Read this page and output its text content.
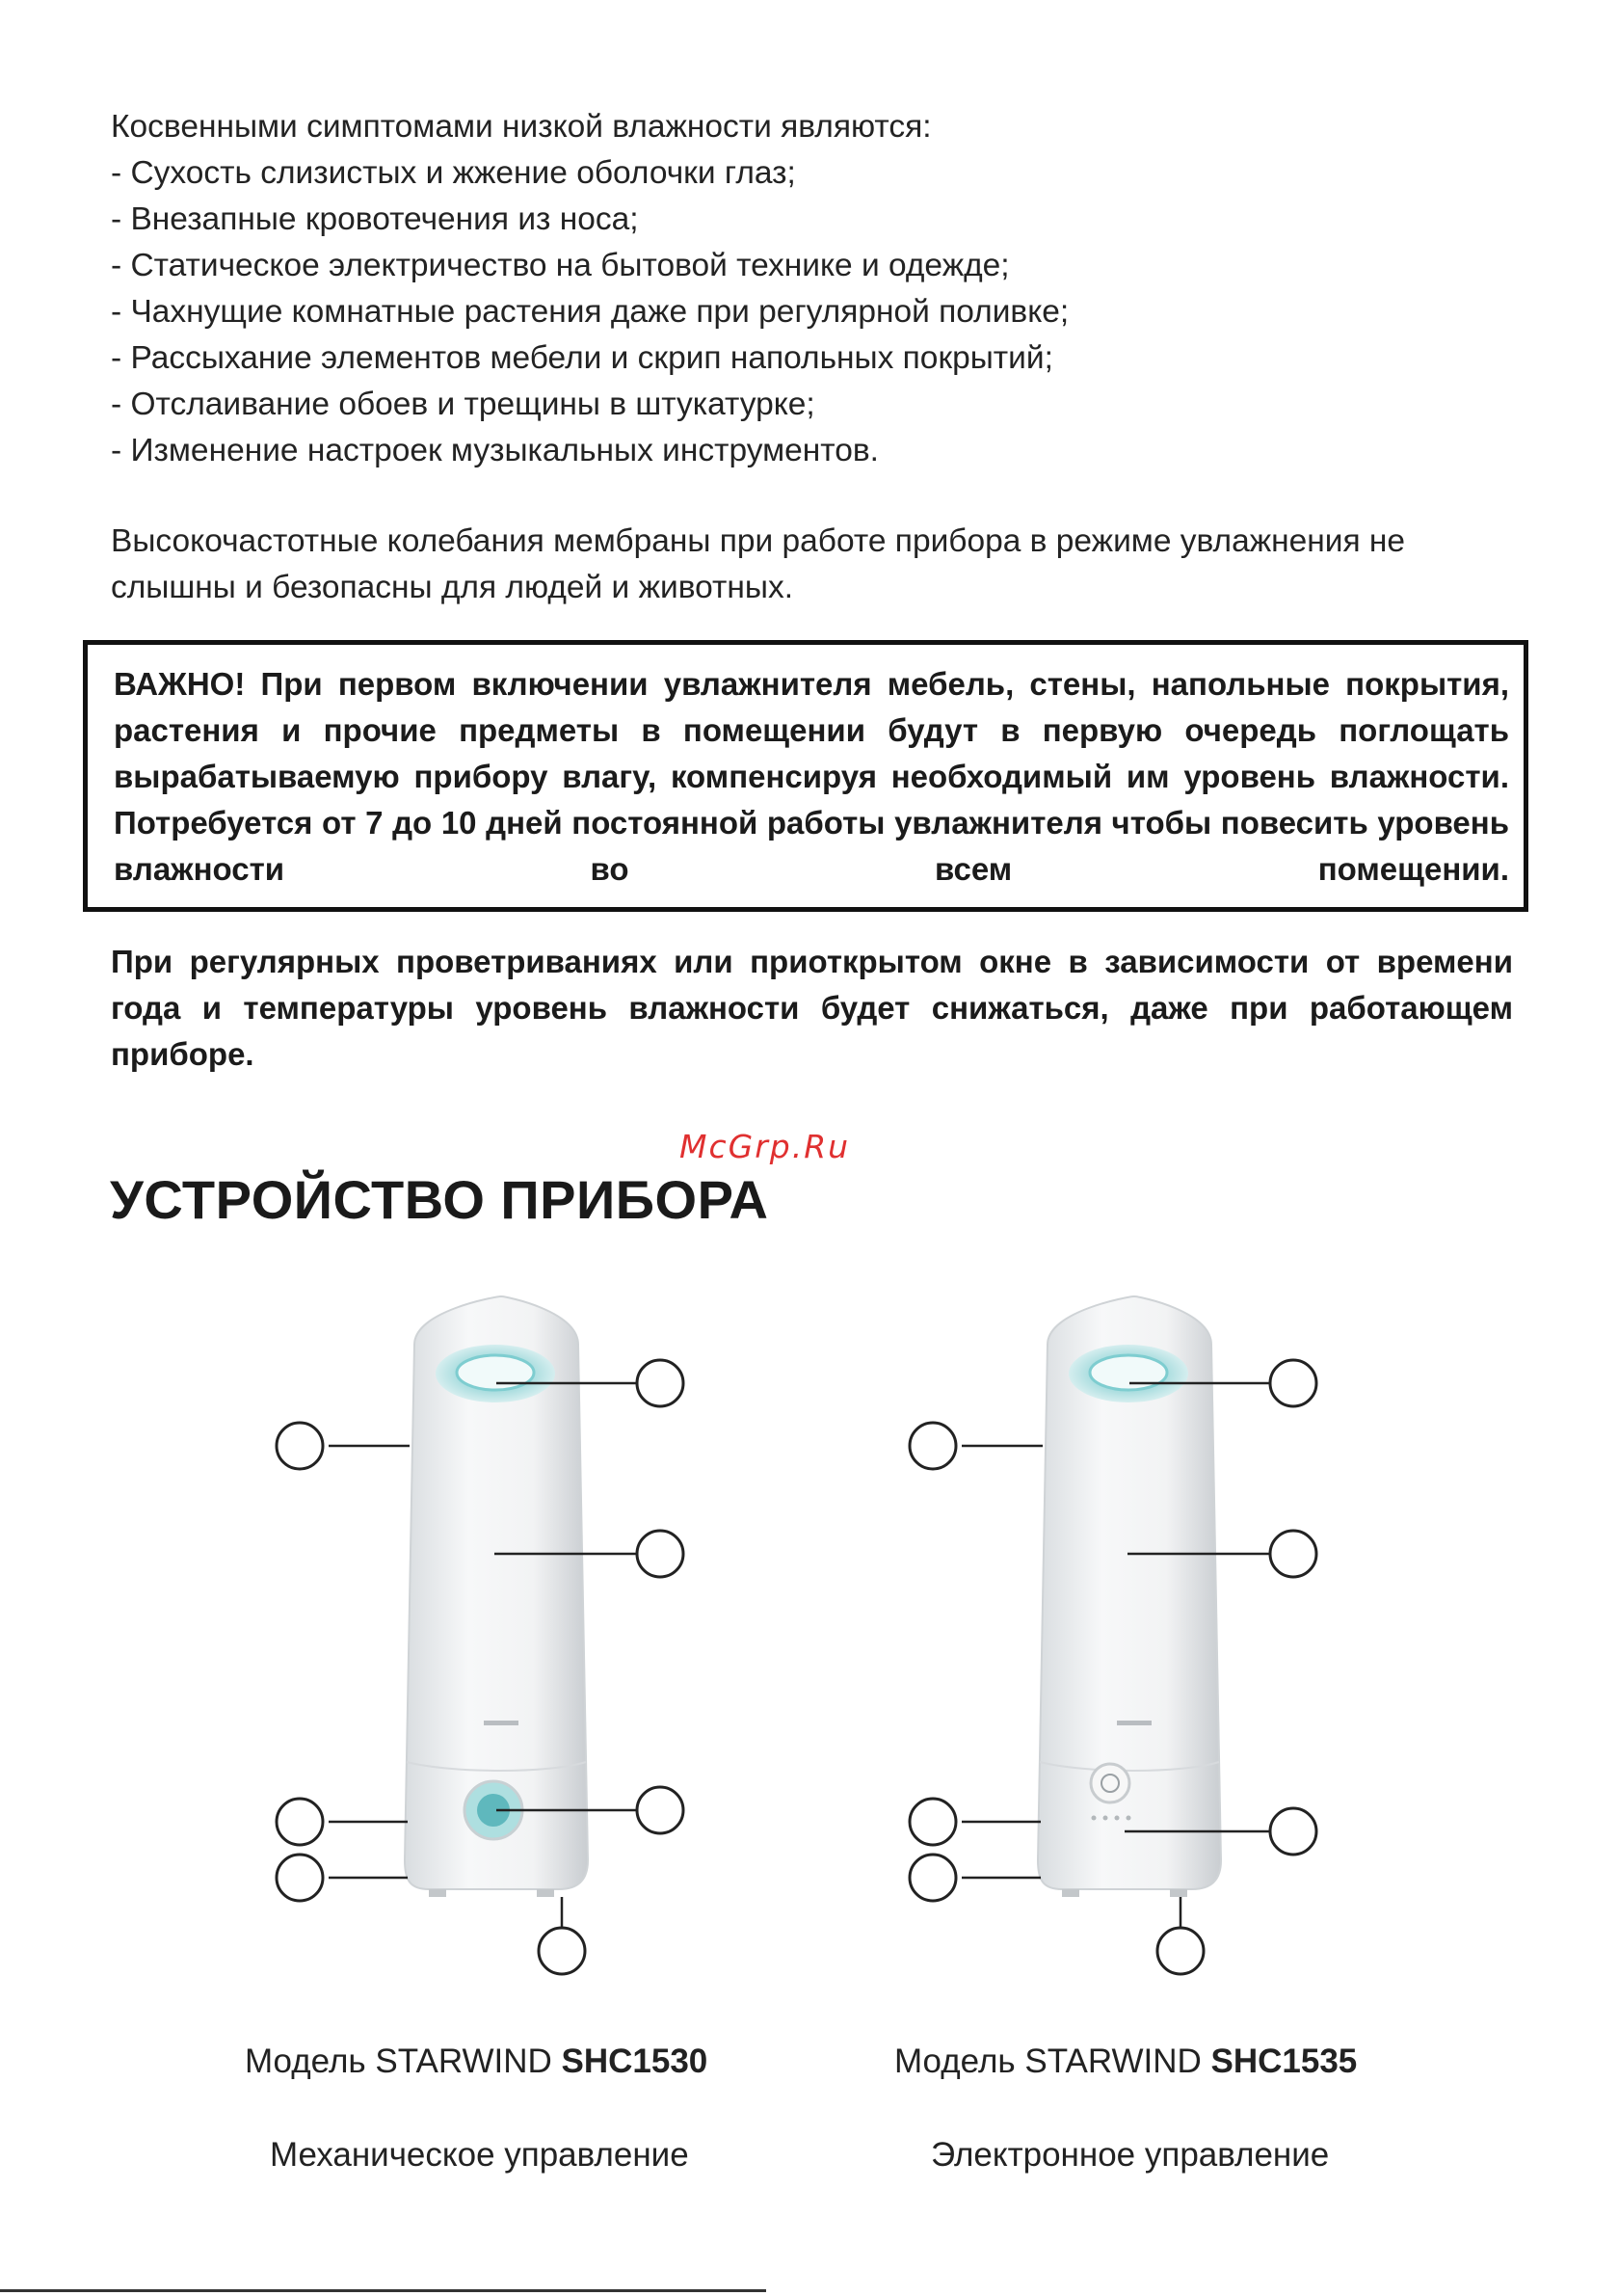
Косвенными симптомами низкой влажности являются:
- Сухость слизистых и жжение оболочки глаз;
- Внезапные кровотечения из носа;
- Статическое электричество на бытовой технике и одежде;
- Чахнущие комнатные растения даже при регулярной поливке;
- Рассыхание элементов мебели и скрип напольных покрытий;
- Отслаивание обоев и трещины в штукатурке;
- Изменение настроек музыкальных инструментов.
Высокочастотные колебания мембраны при работе прибора в режиме увлажнения не слышны и безопасны для людей и животных.
ВАЖНО! При первом включении увлажнителя мебель, стены, напольные покрытия, растения и прочие предметы в помещении будут в первую очередь поглощать вырабатываемую прибору влагу, компенсируя необходимый им уровень влажности. Потребуется от 7 до 10 дней постоянной работы увлажнителя чтобы повесить уровень влажности во всем помещении.
При регулярных проветриваниях или приоткрытом окне в зависимости от времени года и температуры уровень влажности будет снижаться, даже при работающем приборе.
McGrp.Ru
УСТРОЙСТВО ПРИБОРА
Модель STARWIND SHC1530
Механическое управление
Модель STARWIND SHC1535
Электронное управление
